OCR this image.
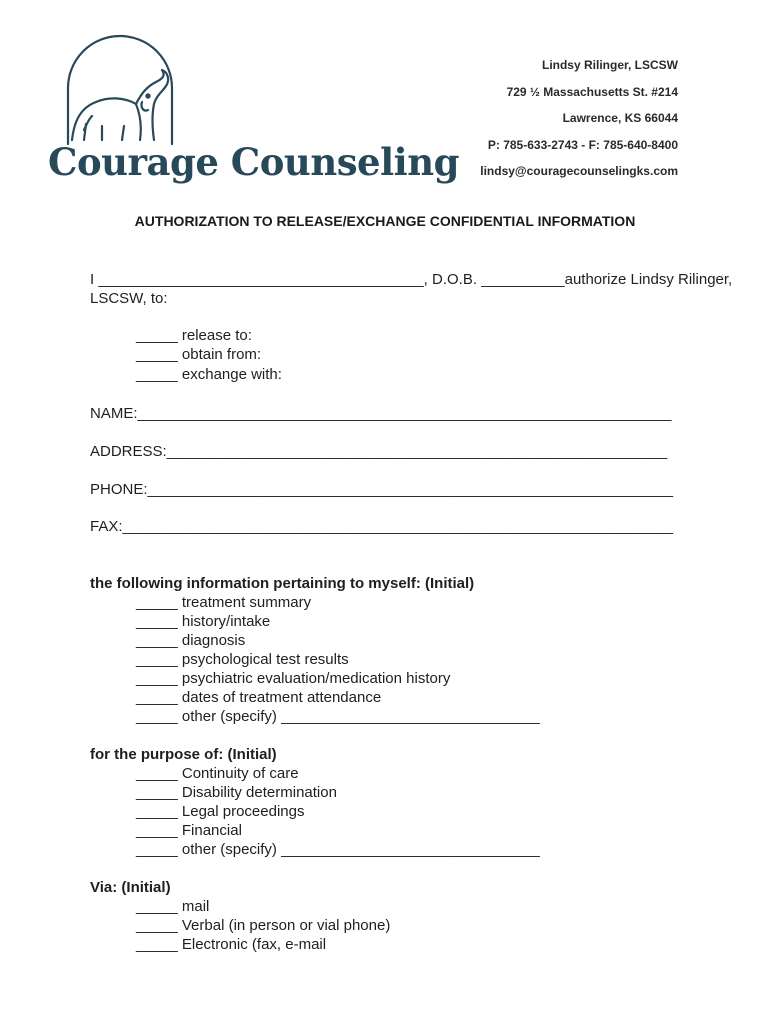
Courage Counseling
Lindsy Rilinger, LSCSW
729 ½ Massachusetts St. #214
Lawrence, KS 66044
P: 785-633-2743 - F: 785-640-8400
lindsy@couragecounselingks.com
AUTHORIZATION TO RELEASE/EXCHANGE CONFIDENTIAL INFORMATION
I _______________________________________, D.O.B. __________authorize Lindsy Rilinger,
LSCSW, to:
_____ release to:
_____ obtain from:
_____ exchange with:
NAME:________________________________________________________________
ADDRESS:____________________________________________________________
PHONE:_______________________________________________________________
FAX:__________________________________________________________________
the following information pertaining to myself: (Initial)
_____ treatment summary
_____ history/intake
_____ diagnosis
_____ psychological test results
_____ psychiatric evaluation/medication history
_____ dates of treatment attendance
_____ other (specify) _______________________________
for the purpose of: (Initial)
_____ Continuity of care
_____ Disability determination
_____ Legal proceedings
_____ Financial
_____ other (specify) _______________________________
Via: (Initial)
_____ mail
_____ Verbal (in person or vial phone)
_____ Electronic (fax, e-mail
